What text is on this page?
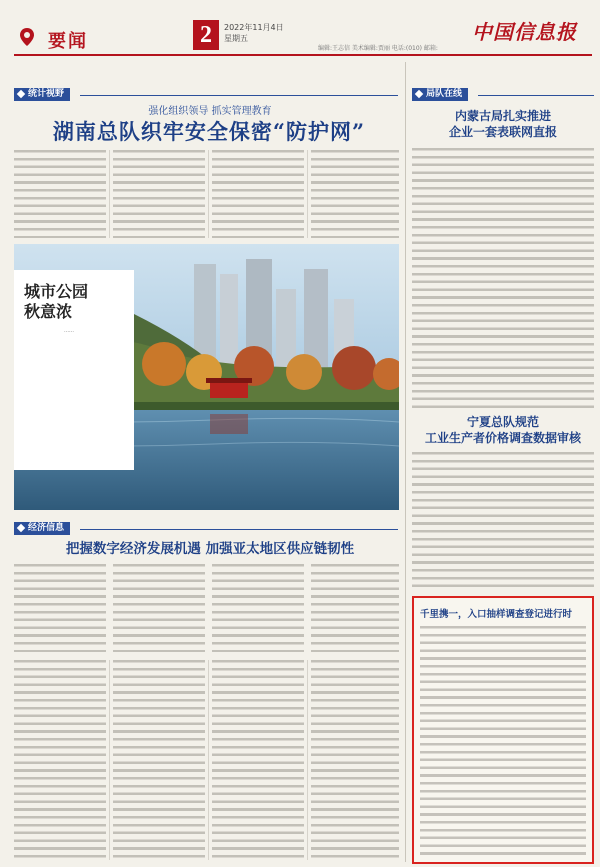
要闻	2	2022年11月4日
星期五	中国信息报
编辑:王志信 美术编辑:贾丽 电话:(010) 邮箱:
统计视野
强化组织领导 抓实管理教育
湖南总队织牢安全保密“防护网”
城市公园
秋意浓
……
经济信息
把握数字经济发展机遇 加强亚太地区供应链韧性
局队在线
内蒙古局扎实推进
企业一套表联网直报
宁夏总队规范
工业生产者价格调查数据审核
千里携一，入口抽样调查登记进行时
